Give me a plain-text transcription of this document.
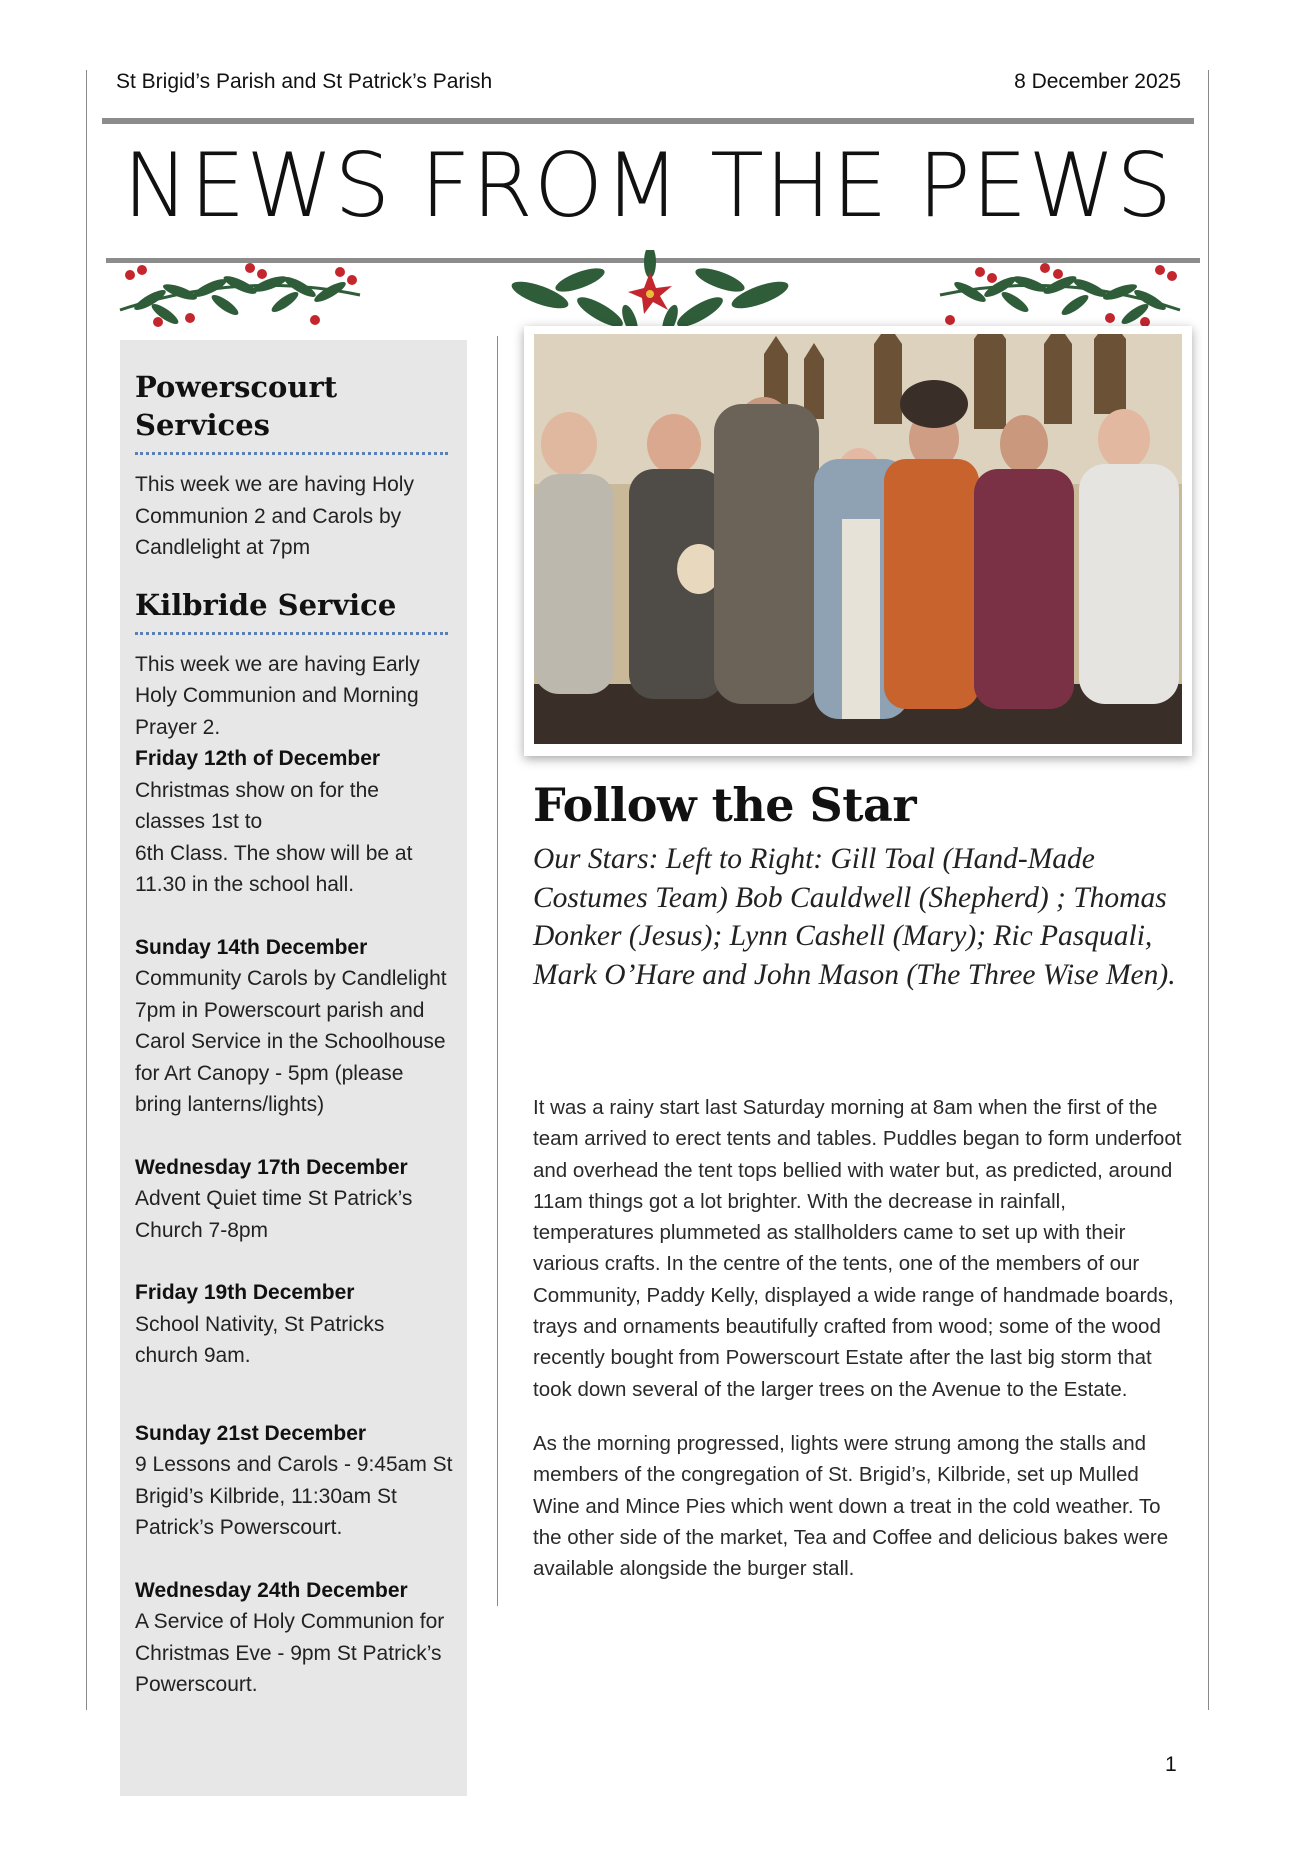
St Brigid’s Parish and St Patrick’s Parish	8 December 2025
NEWS FROM THE PEWS
Powerscourt
Services

This week we are having Holy Communion 2 and Carols by Candlelight at 7pm

Kilbride Service

This week we are having Early Holy Communion and Morning Prayer 2.

Friday 12th of December

Christmas show on for the classes 1st to

6th Class. The show will be at 11.30 in the school hall.

Sunday 14th December

Community Carols by Candlelight 7pm in Powerscourt parish and Carol Service in the Schoolhouse for Art Canopy - 5pm (please bring lanterns/lights)

Wednesday 17th December

Advent Quiet time St Patrick’s Church 7-8pm

Friday 19th December

School Nativity, St Patricks church 9am.

Sunday 21st December

9 Lessons and Carols - 9:45am St Brigid’s Kilbride, 11:30am St Patrick’s Powerscourt.

Wednesday 24th December

A Service of Holy Communion for Christmas Eve - 9pm St Patrick’s Powerscourt.

Follow the Star

Our Stars: Left to Right: Gill Toal (Hand-Made Costumes Team) Bob Cauldwell (Shepherd) ; Thomas Donker (Jesus); Lynn Cashell (Mary); Ric Pasquali, Mark O’Hare and John Mason (The Three Wise Men).

It was a rainy start last Saturday morning at 8am when the first of the team arrived to erect tents and tables. Puddles began to form underfoot and overhead the tent tops bellied with water but, as predicted, around 11am things got a lot brighter. With the decrease in rainfall, temperatures plummeted as stallholders came to set up with their various crafts. In the centre of the tents, one of the members of our Community, Paddy Kelly, displayed a wide range of handmade boards, trays and ornaments beautifully crafted from wood; some of the wood recently bought from Powerscourt Estate after the last big storm that took down several of the larger trees on the Avenue to the Estate.

As the morning progressed, lights were strung among the stalls and members of the congregation of St. Brigid’s, Kilbride, set up Mulled Wine and Mince Pies which went down a treat in the cold weather. To the other side of the market, Tea and Coffee and delicious bakes were available alongside the burger stall.

1
